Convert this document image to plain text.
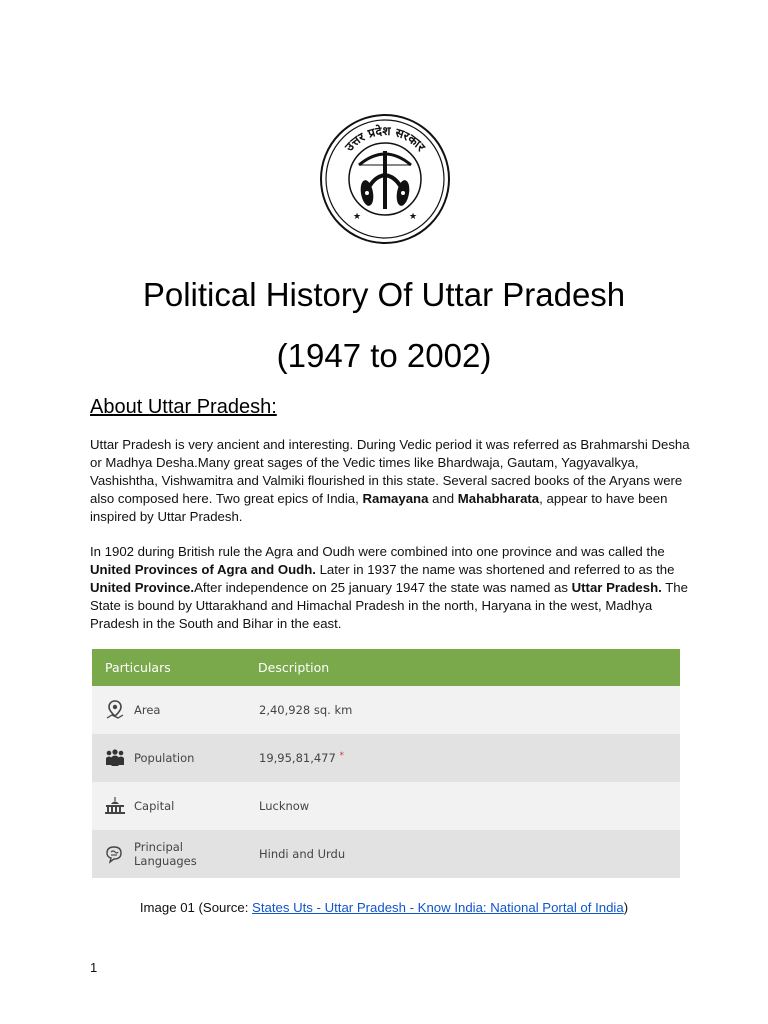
उत्तर प्रदेश सरकार
★	★
Political History Of Uttar Pradesh
(1947 to 2002)
About Uttar Pradesh:
Uttar Pradesh is very ancient and interesting. During Vedic period it was referred as Brahmarshi Desha or Madhya Desha.Many great sages of the Vedic times like Bhardwaja, Gautam, Yagyavalkya, Vashishtha, Vishwamitra and Valmiki flourished in this state. Several sacred books of the Aryans were also composed here. Two great epics of India, Ramayana and Mahabharata, appear to have been inspired by Uttar Pradesh.
In 1902 during British rule the Agra and Oudh were combined into one province and was called the United Provinces of Agra and Oudh. Later in 1937 the name was shortened and referred to as the United Province.After independence on 25 january 1947 the state was named as Uttar Pradesh. The State is bound by Uttarakhand and Himachal Pradesh in the north, Haryana in the west, Madhya Pradesh in the South and Bihar in the east.
Particulars	Description

Area	2,40,928 sq. km

Population	19,95,81,477 *

Capital	Lucknow

Principal Languages	Hindi and Urdu
Image 01 (Source: States Uts - Uttar Pradesh - Know India: National Portal of India)
1
